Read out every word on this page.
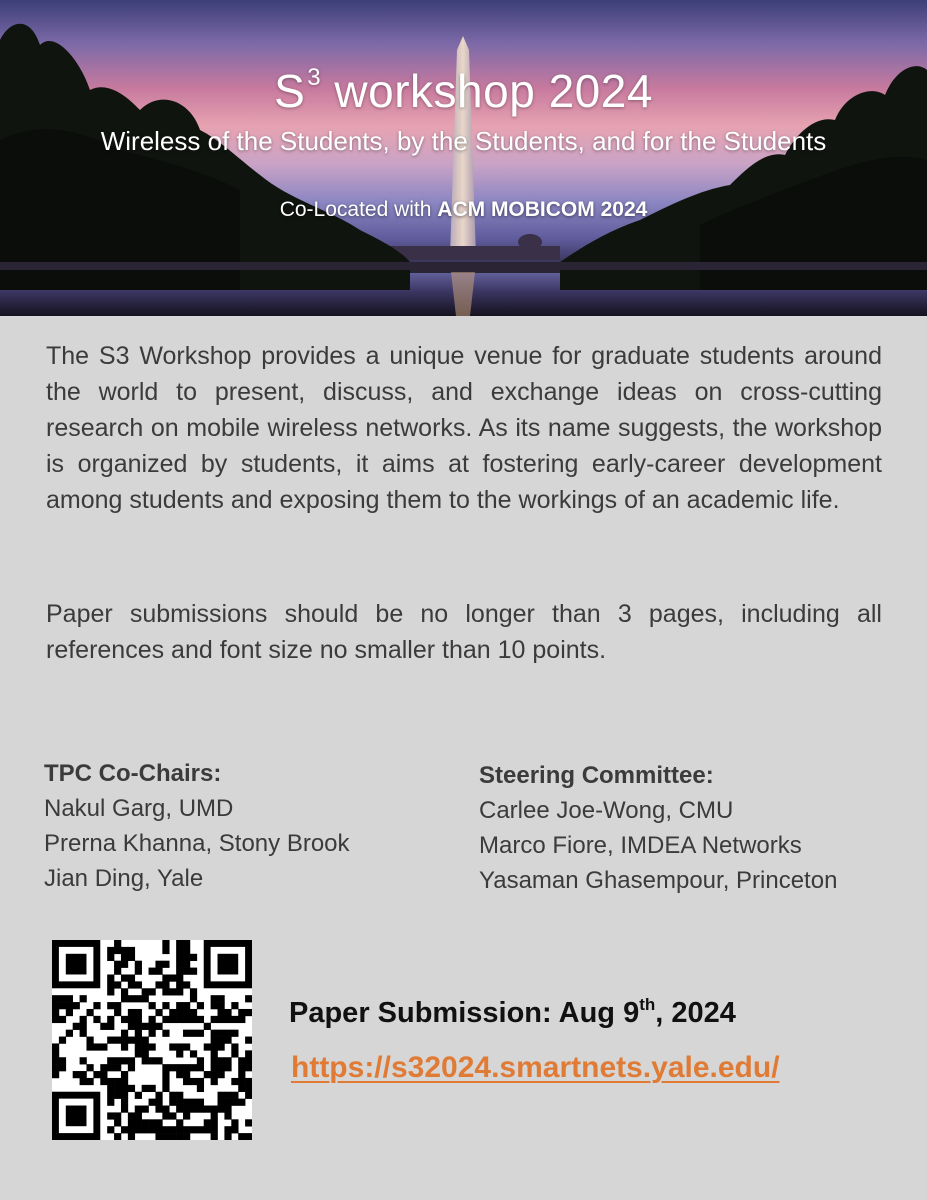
$S^3$ workshop 2024
Wireless of the Students, by the Students, and for the Students
Co-Located with ACM MOBICOM 2024

The S3 Workshop provides a unique venue for graduate students around the world to present, discuss, and exchange ideas on cross-cutting research on mobile wireless networks. As its name suggests, the workshop is organized by students, it aims at fostering early-career development among students and exposing them to the workings of an academic life.

Paper submissions should be no longer than 3 pages, including all references and font size no smaller than 10 points.

TPC Co-Chairs:
Nakul Garg, UMD
Prerna Khanna, Stony Brook
Jian Ding, Yale
Steering Committee:
Carlee Joe-Wong, CMU
Marco Fiore, IMDEA Networks
Yasaman Ghasempour, Princeton
Paper Submission: Aug 9th, 2024
https://s32024.smartnets.yale.edu/
